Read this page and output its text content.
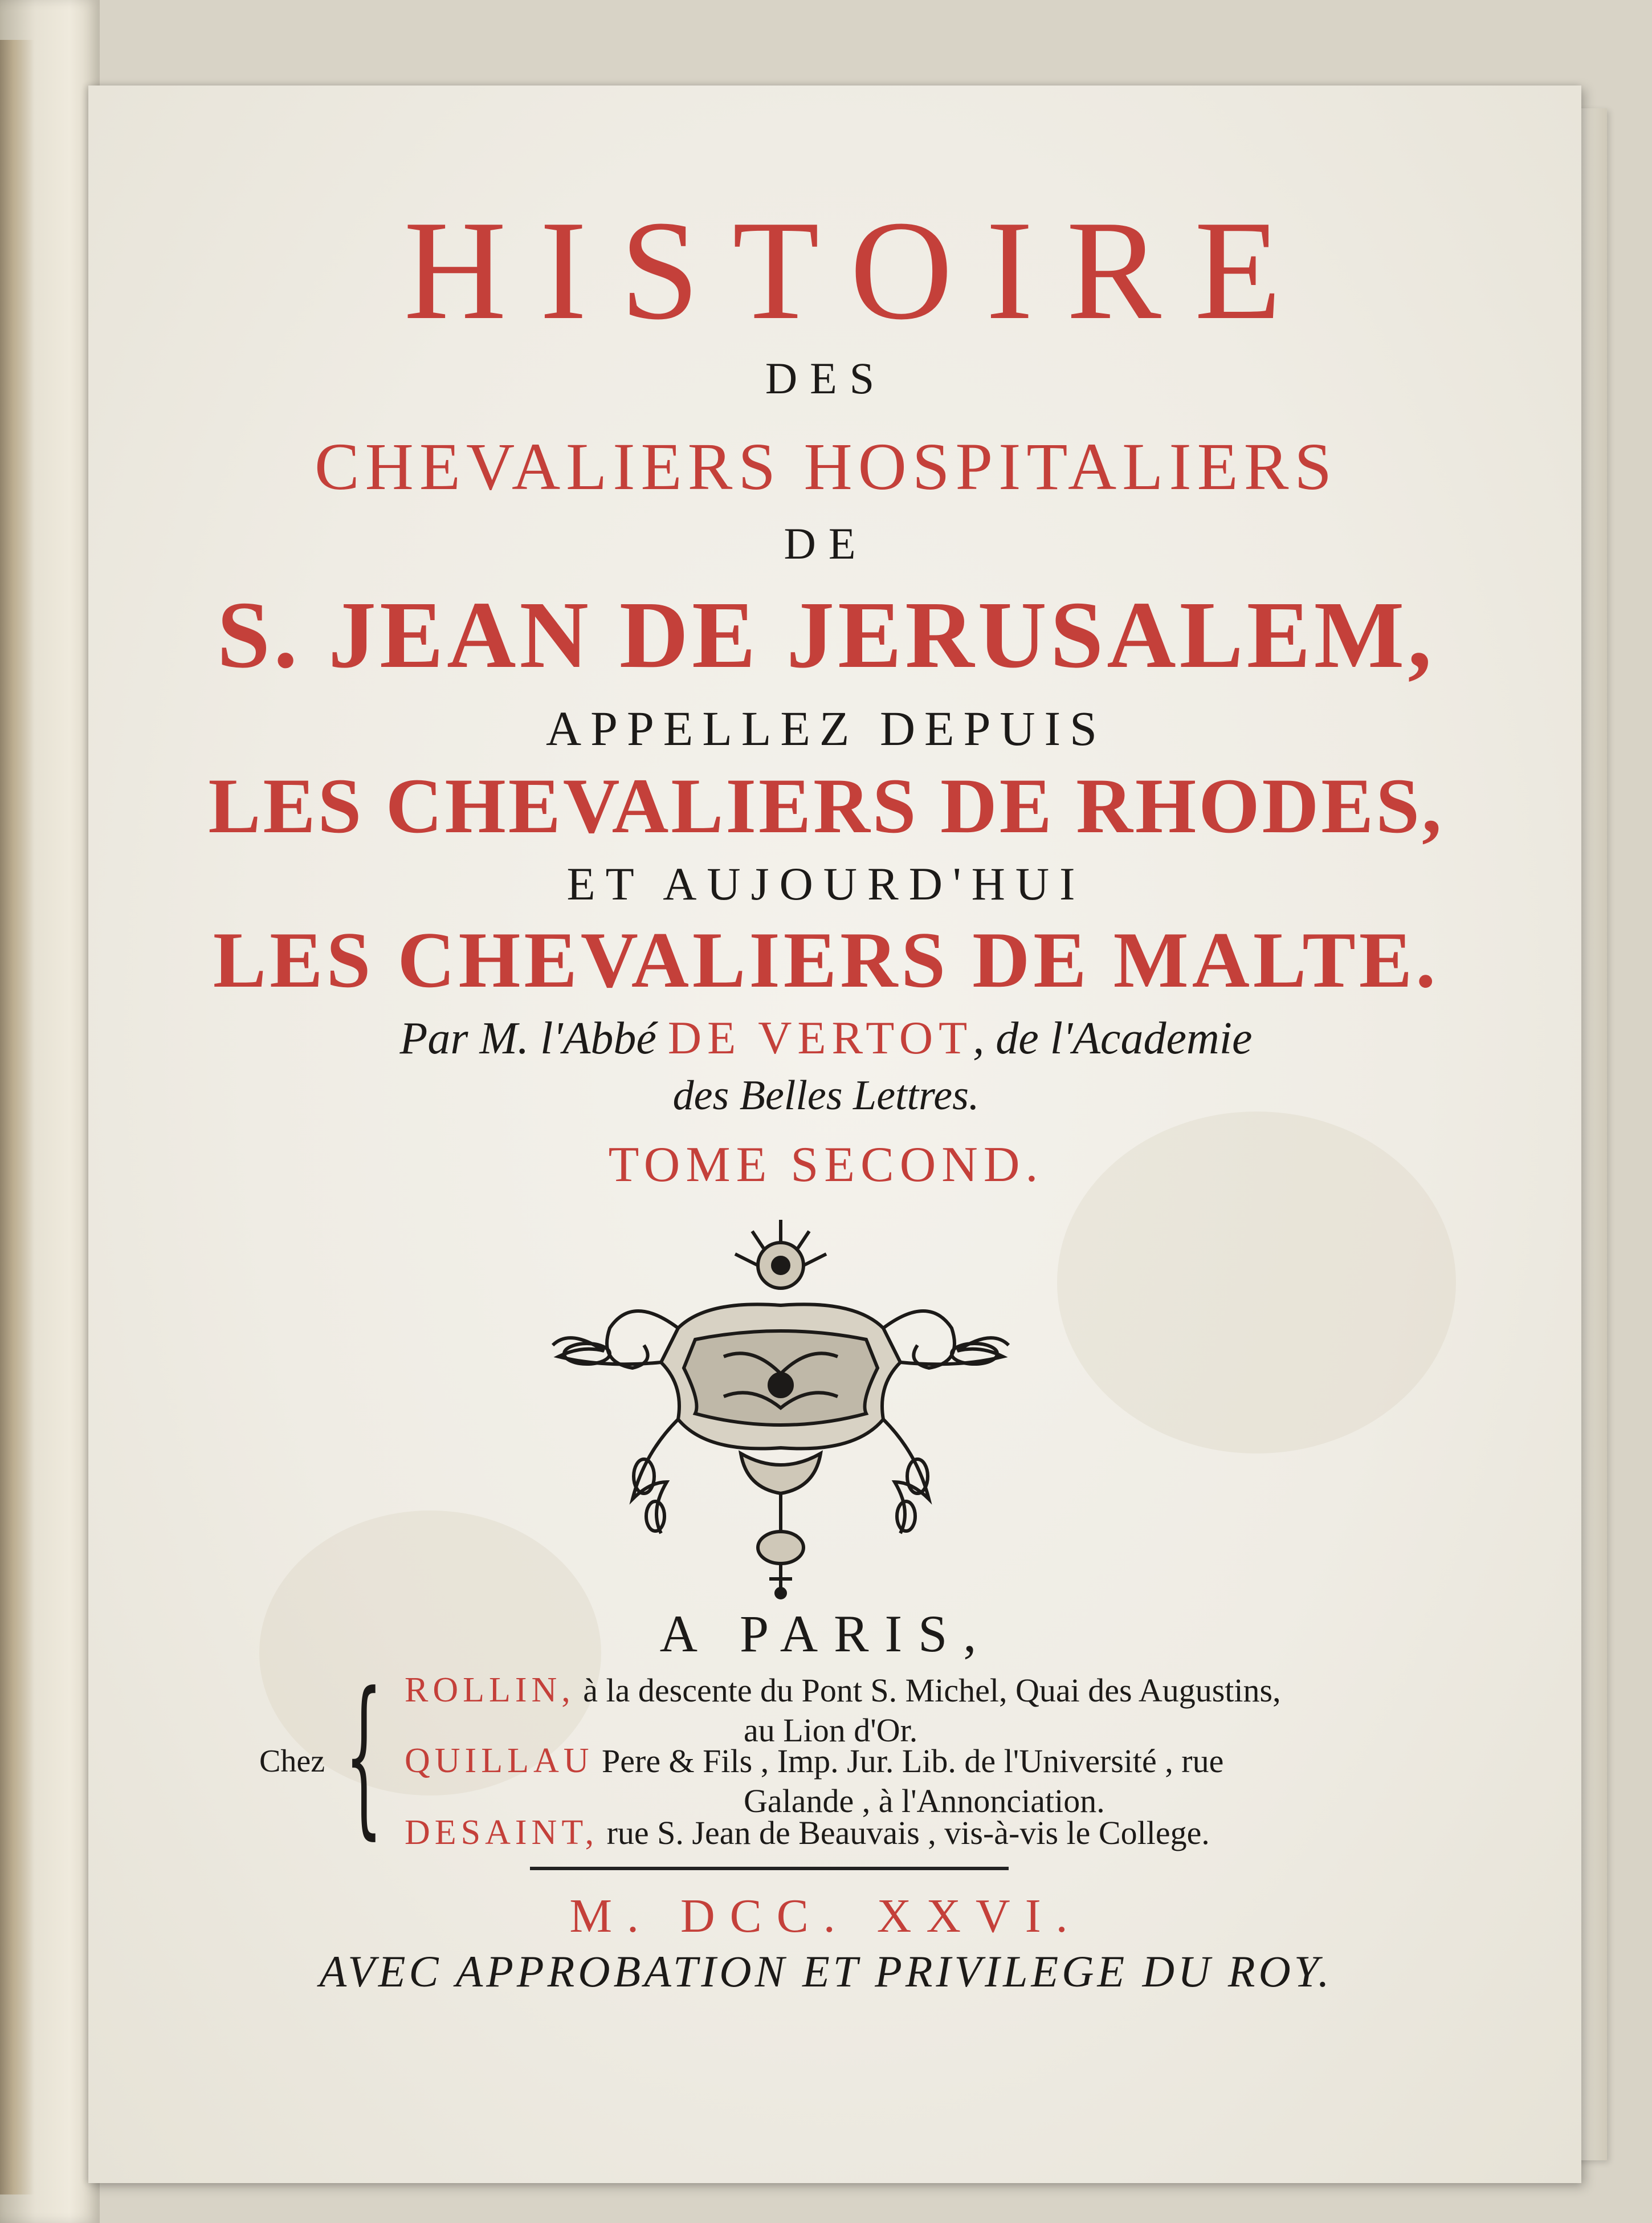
HISTOIRE
DES
CHEVALIERS HOSPITALIERS
DE
S. JEAN DE JERUSALEM,
APPELLEZ DEPUIS
LES CHEVALIERS DE RHODES,
ET AUJOURD'HUI
LES CHEVALIERS DE MALTE.
Par M. l'Abbé DE VERTOT, de l'Academie
des Belles Lettres.
TOME SECOND.
A PARIS,
Chez { ROLLIN, à la descente du Pont S. Michel, Quai des Augustins,
au Lion d'Or.
QUILLAU Pere & Fils , Imp. Jur. Lib. de l'Université , rue
Galande , à l'Annonciation.
DESAINT, rue S. Jean de Beauvais , vis-à-vis le College.
M. DCC. XXVI.
AVEC APPROBATION ET PRIVILEGE DU ROY.
